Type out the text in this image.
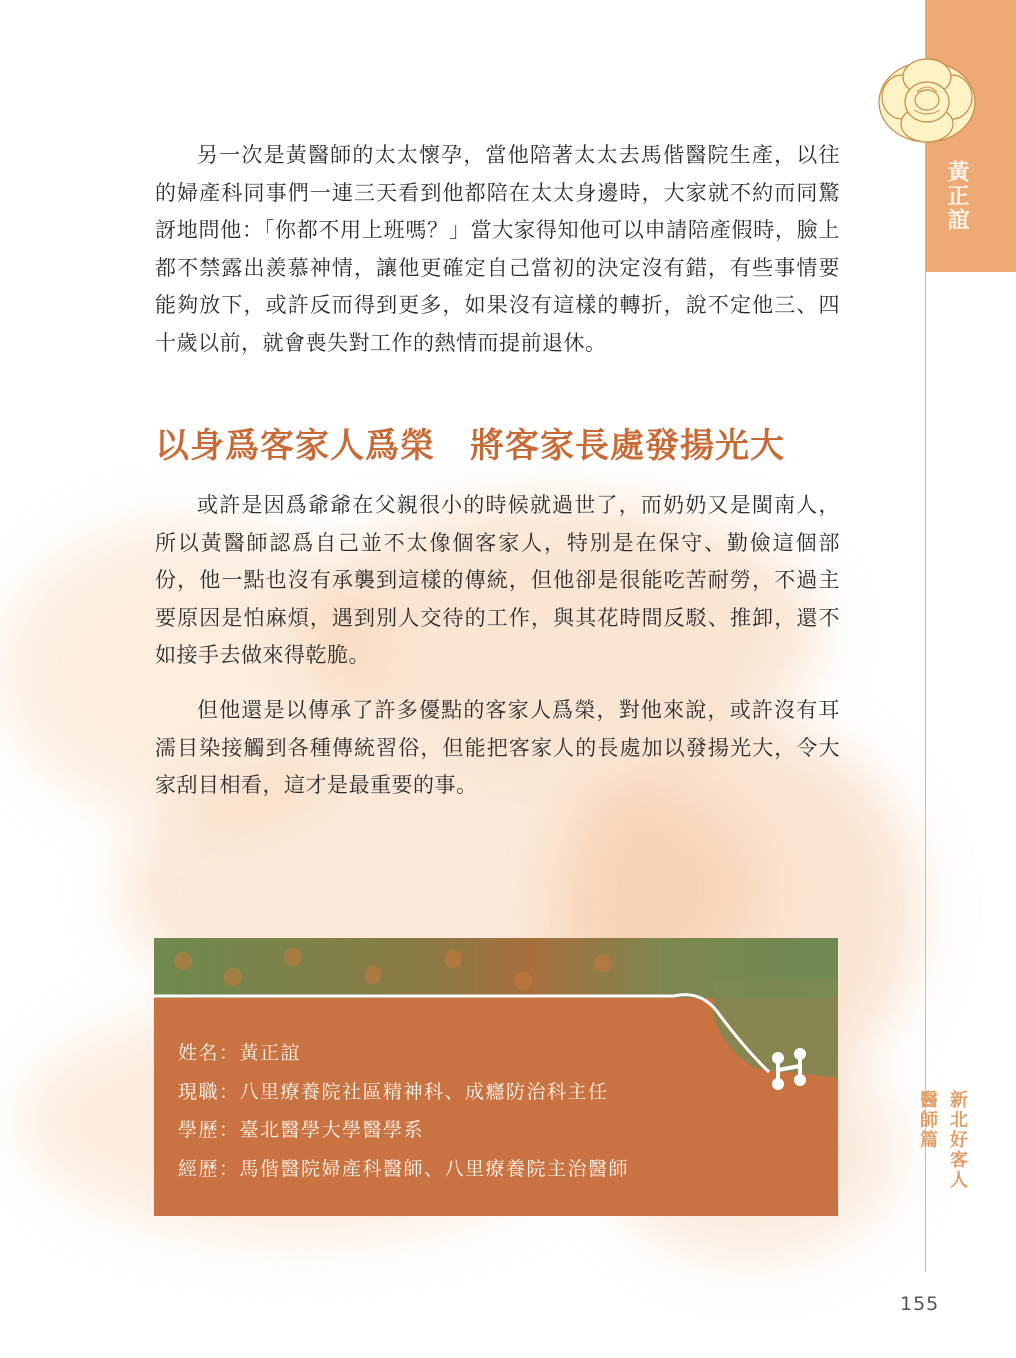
黃正誼
新北好客人
醫師篇
另一次是黃醫師的太太懷孕，當他陪著太太去馬偕醫院生產，以往的婦產科同事們一連三天看到他都陪在太太身邊時，大家就不約而同驚訝地問他：「你都不用上班嗎？」當大家得知他可以申請陪產假時，臉上都不禁露出羨慕神情，讓他更確定自己當初的決定沒有錯，有些事情要能夠放下，或許反而得到更多，如果沒有這樣的轉折，說不定他三、四十歲以前，就會喪失對工作的熱情而提前退休。
以身爲客家人爲榮　將客家長處發揚光大
或許是因爲爺爺在父親很小的時候就過世了，而奶奶又是閩南人，所以黃醫師認爲自己並不太像個客家人，特別是在保守、勤儉這個部份，他一點也沒有承襲到這樣的傳統，但他卻是很能吃苦耐勞，不過主要原因是怕麻煩，遇到別人交待的工作，與其花時間反駁、推卸，還不如接手去做來得乾脆。
但他還是以傳承了許多優點的客家人爲榮，對他來說，或許沒有耳濡目染接觸到各種傳統習俗，但能把客家人的長處加以發揚光大，令大家刮目相看，這才是最重要的事。
姓名：黃正誼
現職：八里療養院社區精神科、成癮防治科主任
學歷：臺北醫學大學醫學系
經歷：馬偕醫院婦產科醫師、八里療養院主治醫師
155
